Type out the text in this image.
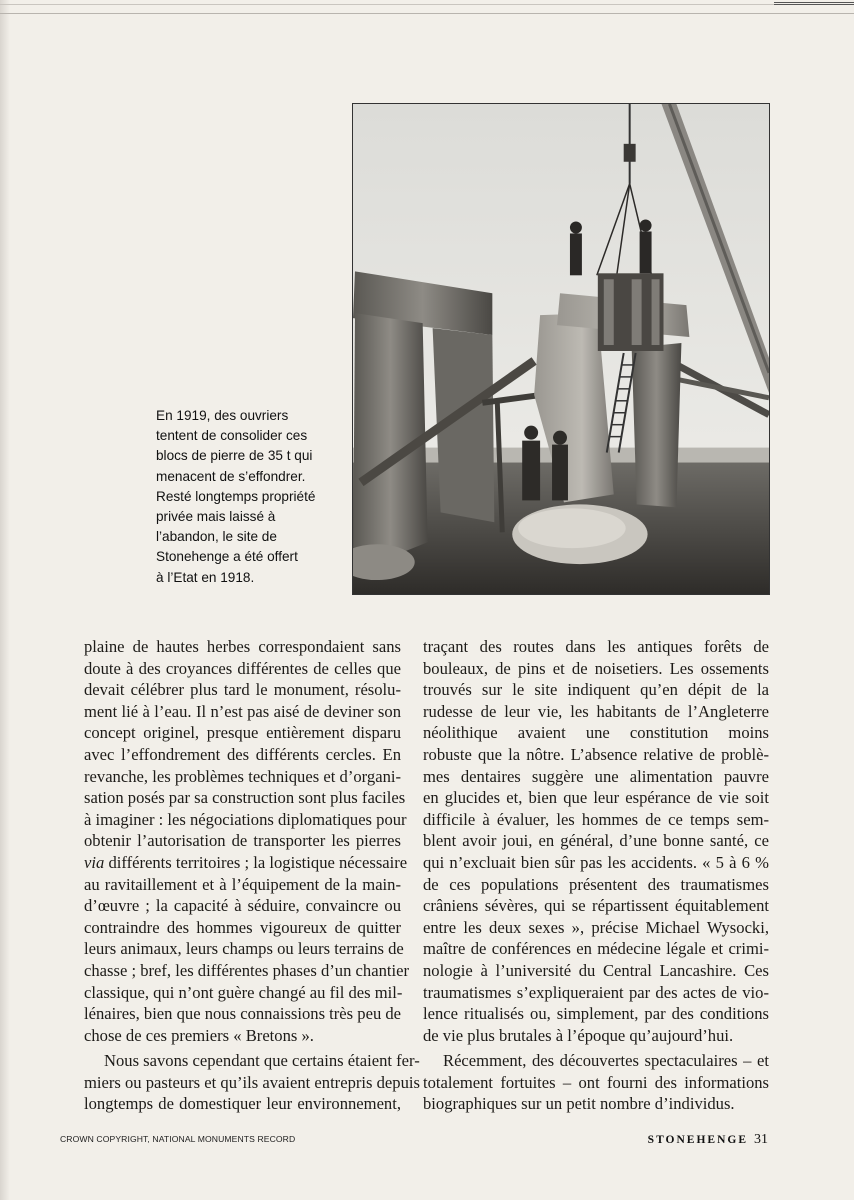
En 1919, des ouvriers
tentent de consolider ces
blocs de pierre de 35 t qui
menacent de s’effondrer.
Resté longtemps propriété
privée mais laissé à
l’abandon, le site de
Stonehenge a été offert
à l’Etat en 1918.
plaine de hautes herbes correspondaient sans
doute à des croyances différentes de celles que
devait célébrer plus tard le monument, résolu-
ment lié à l’eau. Il n’est pas aisé de deviner son
concept originel, presque entièrement disparu
avec l’effondrement des différents cercles. En
revanche, les problèmes techniques et d’organi-
sation posés par sa construction sont plus faciles
à imaginer : les négociations diplomatiques pour
obtenir l’autorisation de transporter les pierres
via différents territoires ; la logistique nécessaire
au ravitaillement et à l’équipement de la main-
d’œuvre ; la capacité à séduire, convaincre ou
contraindre des hommes vigoureux de quitter
leurs animaux, leurs champs ou leurs terrains de
chasse ; bref, les différentes phases d’un chantier
classique, qui n’ont guère changé au fil des mil-
lénaires, bien que nous connaissions très peu de
chose de ces premiers « Bretons ».
Nous savons cependant que certains étaient fer-
miers ou pasteurs et qu’ils avaient entrepris depuis
longtemps de domestiquer leur environnement,
traçant des routes dans les antiques forêts de
bouleaux, de pins et de noisetiers. Les ossements
trouvés sur le site indiquent qu’en dépit de la
rudesse de leur vie, les habitants de l’Angleterre
néolithique avaient une constitution moins
robuste que la nôtre. L’absence relative de problè-
mes dentaires suggère une alimentation pauvre
en glucides et, bien que leur espérance de vie soit
difficile à évaluer, les hommes de ce temps sem-
blent avoir joui, en général, d’une bonne santé, ce
qui n’excluait bien sûr pas les accidents. « 5 à 6 %
de ces populations présentent des traumatismes
crâniens sévères, qui se répartissent équitablement
entre les deux sexes », précise Michael Wysocki,
maître de conférences en médecine légale et crimi-
nologie à l’université du Central Lancashire. Ces
traumatismes s’expliqueraient par des actes de vio-
lence ritualisés ou, simplement, par des conditions
de vie plus brutales à l’époque qu’aujourd’hui.
Récemment, des découvertes spectaculaires – et
totalement fortuites – ont fourni des informations
biographiques sur un petit nombre d’individus.
CROWN COPYRIGHT, NATIONAL MONUMENTS RECORD	STONEHENGE 31
